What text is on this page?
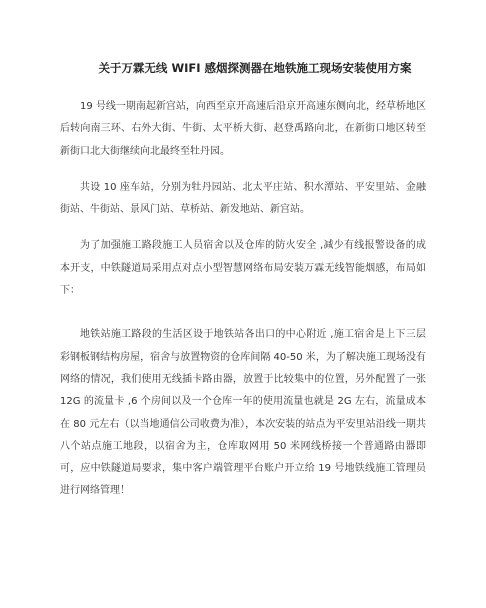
关于万霖无线 WIFI 感烟探测器在地铁施工现场安装使用方案

19 号线一期南起新宫站，向西至京开高速后沿京开高速东侧向北，经草桥地区后转向南三环、右外大街、牛街、太平桥大街、赵登禹路向北，在新街口地区转至新街口北大街继续向北最终至牡丹园。

共设 10 座车站，分别为牡丹园站、北太平庄站、积水潭站、平安里站、金融街站、牛街站、景风门站、草桥站、新发地站、新宫站。

为了加强施工路段施工人员宿舍以及仓库的防火安全 ,减少有线报警设备的成本开支，中铁隧道局采用点对点小型智慧网络布局安装万霖无线智能烟感，布局如下：

地铁站施工路段的生活区设于地铁站各出口的中心附近 ,施工宿舍是上下三层彩钢板钢结构房屋，宿舍与放置物资的仓库间隔 40-50 米，为了解决施工现场没有网络的情况，我们使用无线插卡路由器，放置于比较集中的位置，另外配置了一张 12G 的流量卡 ,6 个房间以及一个仓库一年的使用流量也就是 2G 左右，流量成本在 80 元左右（以当地通信公司收费为准），本次安装的站点为平安里站沿线一期共八个站点施工地段，以宿舍为主，仓库取网用 50 米网线桥接一个普通路由器即可，应中铁隧道局要求，集中客户端管理平台账户开立给 19 号地铁线施工管理员进行网络管理！
